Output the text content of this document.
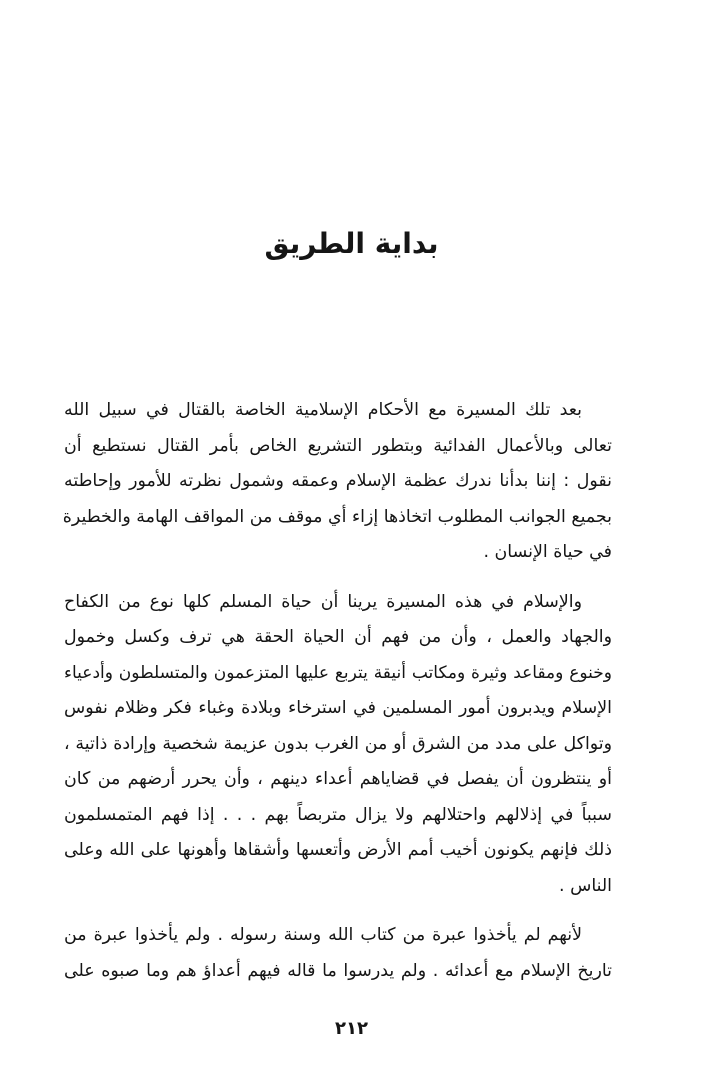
بداية الطريق
بعد تلك المسيرة مع الأحكام الإسلامية الخاصة بالقتال في سبيل الله
تعالى وبالأعمال الفدائية وبتطور التشريع الخاص بأمر القتال نستطيع أن
نقول : إننا بدأنا ندرك عظمة الإسلام وعمقه وشمول نظرته للأمور وإحاطته
بجميع الجوانب المطلوب اتخاذها إزاء أي موقف من المواقف الهامة والخطيرة
في حياة الإنسان .
والإسلام في هذه المسيرة يرينا أن حياة المسلم كلها نوع من الكفاح
والجهاد والعمل ، وأن من فهم أن الحياة الحقة هي ترف وكسل وخمول
وخنوع ومقاعد وثيرة ومكاتب أنيقة يتربع عليها المتزعمون والمتسلطون وأدعياء
الإسلام ويدبرون أمور المسلمين في استرخاء وبلادة وغباء فكر وظلام نفوس
وتواكل على مدد من الشرق أو من الغرب بدون عزيمة شخصية وإرادة ذاتية ،
أو ينتظرون أن يفصل في قضاياهم أعداء دينهم ، وأن يحرر أرضهم من كان
سبباً في إذلالهم واحتلالهم ولا يزال متربصاً بهم . . . إذا فهم المتمسلمون
ذلك فإنهم يكونون أخيب أمم الأرض وأتعسها وأشقاها وأهونها على الله وعلى
الناس .
لأنهم لم يأخذوا عبرة من كتاب الله وسنة رسوله . ولم يأخذوا عبرة من
تاريخ الإسلام مع أعدائه . ولم يدرسوا ما قاله فيهم أعداؤ هم وما صبوه على
٢١٢
